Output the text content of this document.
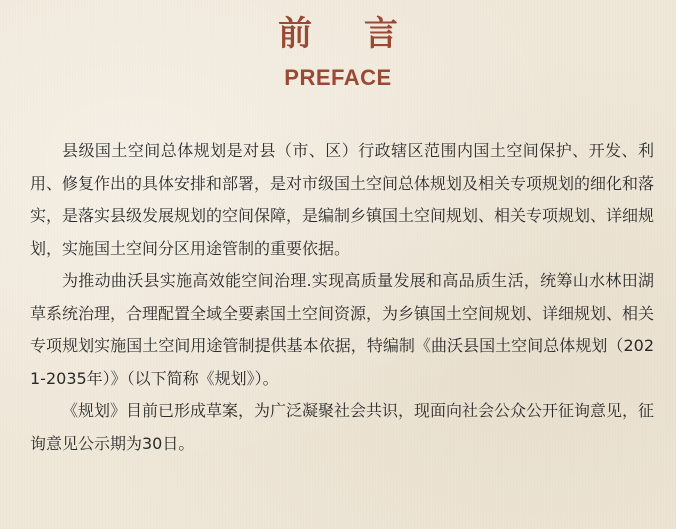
前 言
PREFACE

县级国土空间总体规划是对县（市、区）行政辖区范围内国土空间保护、开发、利用、修复作出的具体安排和部署，是对市级国土空间总体规划及相关专项规划的细化和落实，是落实县级发展规划的空间保障，是编制乡镇国土空间规划、相关专项规划、详细规划，实施国土空间分区用途管制的重要依据。

为推动曲沃县实施高效能空间治理.实现高质量发展和高品质生活，统筹山水林田湖草系统治理，合理配置全域全要素国土空间资源，为乡镇国土空间规划、详细规划、相关专项规划实施国土空间用途管制提供基本依据，特编制《曲沃县国土空间总体规划（2021-2035年）》（以下简称《规划》）。

《规划》目前已形成草案，为广泛凝聚社会共识，现面向社会公众公开征询意见，征询意见公示期为30日。
